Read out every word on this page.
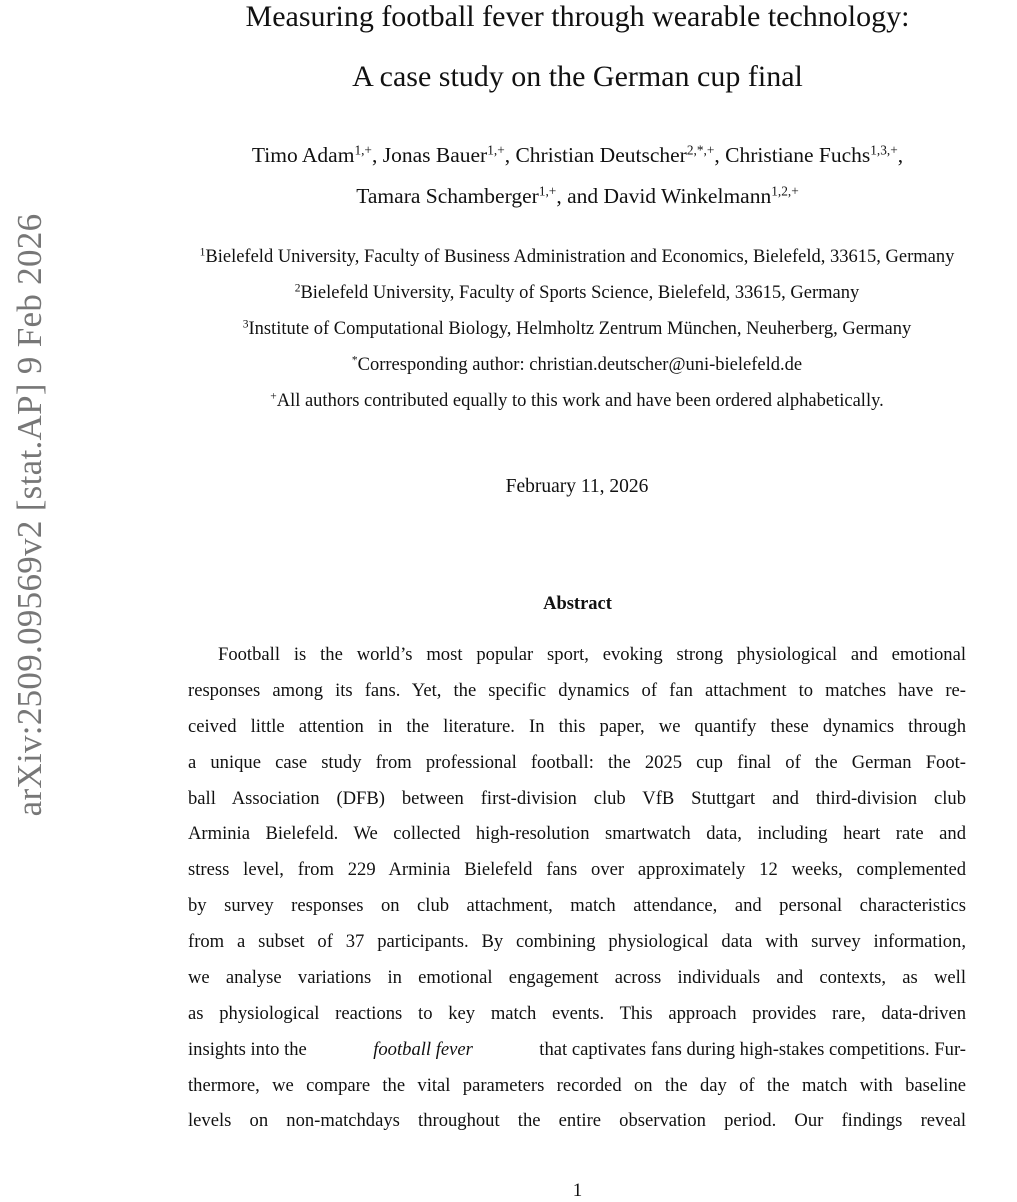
arXiv:2509.09569v2 [stat.AP] 9 Feb 2026
Measuring football fever through wearable technology:
A case study on the German cup final
Timo Adam$^{1,+}$, Jonas Bauer$^{1,+}$, Christian Deutscher$^{2,*,+}$, Christiane Fuchs$^{1,3,+}$,
Tamara Schamberger$^{1,+}$, and David Winkelmann$^{1,2,+}$
$^1$Bielefeld University, Faculty of Business Administration and Economics, Bielefeld, 33615, Germany
$^2$Bielefeld University, Faculty of Sports Science, Bielefeld, 33615, Germany
$^3$Institute of Computational Biology, Helmholtz Zentrum München, Neuherberg, Germany
*Corresponding author: christian.deutscher@uni-bielefeld.de
+All authors contributed equally to this work and have been ordered alphabetically.
February 11, 2026
Abstract
Football is the world’s most popular sport, evoking strong physiological and emotional
responses among its fans. Yet, the specific dynamics of fan attachment to matches have re-
ceived little attention in the literature. In this paper, we quantify these dynamics through
a unique case study from professional football: the 2025 cup final of the German Foot-
ball Association (DFB) between first-division club VfB Stuttgart and third-division club
Arminia Bielefeld. We collected high-resolution smartwatch data, including heart rate and
stress level, from 229 Arminia Bielefeld fans over approximately 12 weeks, complemented
by survey responses on club attachment, match attendance, and personal characteristics
from a subset of 37 participants. By combining physiological data with survey information,
we analyse variations in emotional engagement across individuals and contexts, as well
as physiological reactions to key match events. This approach provides rare, data-driven
insights into the	football fever	that captivates fans during high-stakes competitions. Fur-
thermore, we compare the vital parameters recorded on the day of the match with baseline
levels on non-matchdays throughout the entire observation period. Our findings reveal
1
